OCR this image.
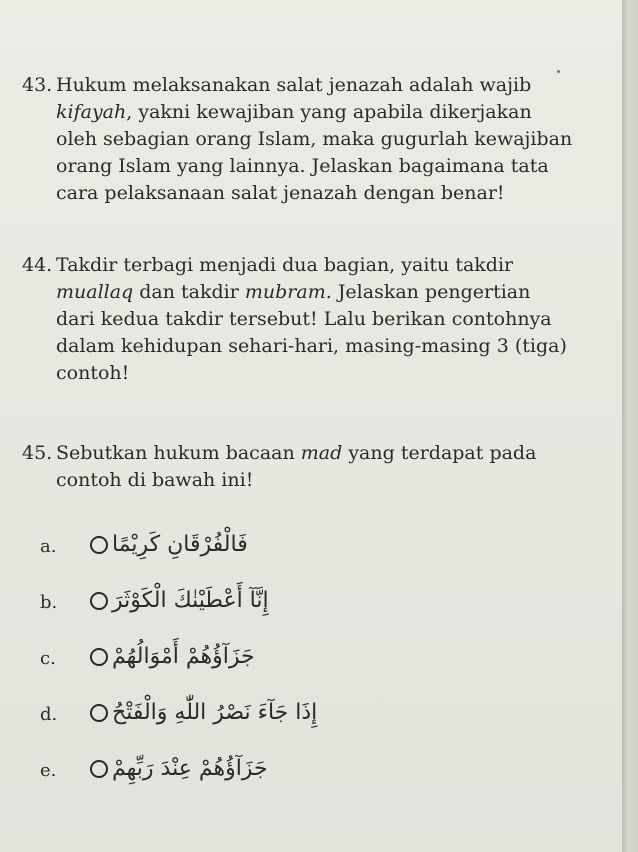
43. Hukum melaksanakan salat jenazah adalah wajib
kifayah, yakni kewajiban yang apabila dikerjakan
oleh sebagian orang Islam, maka gugurlah kewajiban
orang Islam yang lainnya. Jelaskan bagaimana tata
cara pelaksanaan salat jenazah dengan benar!
44. Takdir terbagi menjadi dua bagian, yaitu takdir
muallaq dan takdir mubram. Jelaskan pengertian
dari kedua takdir tersebut! Lalu berikan contohnya
dalam kehidupan sehari-hari, masing-masing 3 (tiga)
contoh!
45. Sebutkan hukum bacaan mad yang terdapat pada
contoh di bawah ini!
a.	فَالْفُرْقَانِ كَرِيْمًا
b.	إِنَّآ أَعْطَيْنٰكَ الْكَوْثَرَ
c.	جَزَآؤُهُمْ أَمْوَالُهُمْ
d.	إِذَا جَآءَ نَصْرُ اللّٰهِ وَالْفَتْحُ
e.	جَزَآؤُهُمْ عِنْدَ رَبِّهِمْ
